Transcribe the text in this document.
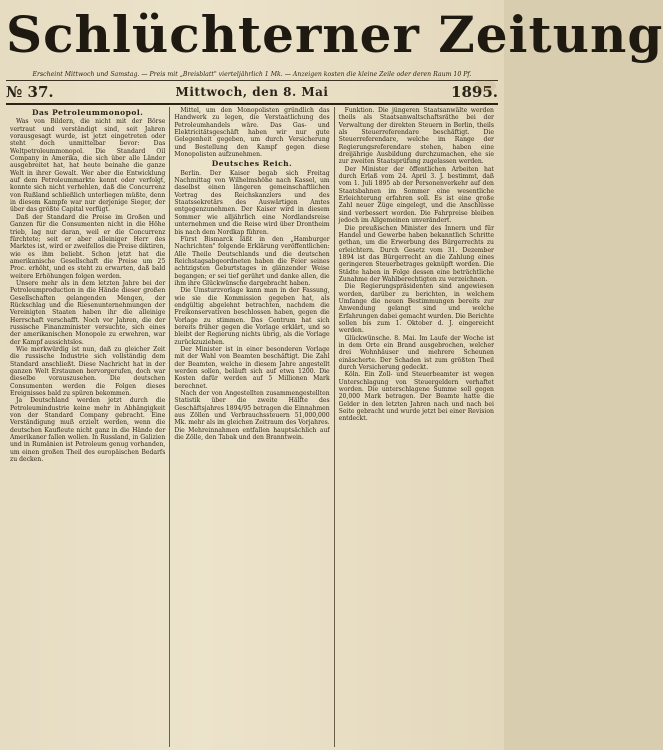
Schlüchterner Zeitung
Erscheint Mittwoch und Samstag. — Preis mit „Breisblatt" vierteljährlich 1 Mk. — Anzeigen kosten die kleine Zeile oder deren Raum 10 Pf.
№ 37.	Mittwoch, den 8. Mai	1895.
Das Petroleummonopol.

Was von Bildern, die nicht mit der Börse vertraut und verständigt sind, seit Jahren vorausgesagt wurde, ist jetzt eingetreten oder steht doch unmittelbar bevor: Das Weltpetroleummonopol. Die Standard Oil Company in Amerika, die sich über alle Länder ausgebreitet hat, hat heute beinahe die ganze Welt in ihrer Gewalt. Wer aber die Entwicklung auf dem Petroleummarkte kennt oder verfolgt, konnte sich nicht verhehlen, daß die Concurrenz von Rußland schließlich unterliegen müßte, denn in diesem Kampfe war nur derjenige Sieger, der über das größte Capital verfügt.

Daß der Standard die Preise im Großen und Ganzen für die Consumenten nicht in die Höhe trieb, lag nur daran, weil er die Concurrenz fürchtete; seit er aber alleiniger Herr des Marktes ist, wird er zweifellos die Preise diktiren, wie es ihm beliebt. Schon jetzt hat die amerikanische Gesellschaft die Preise um 25 Proc. erhöht, und es steht zu erwarten, daß bald weitere Erhöhungen folgen werden.

Unsere mehr als in dem letzten Jahre bei der Petroleumproduction in die Hände dieser großen Gesellschaften gelangenden Mengen, der Rückschlag und die Riesenunternehmungen der Vereinigten Staaten haben ihr die alleinige Herrschaft verschafft. Noch vor Jahren, die der russische Finanzminister versuchte, sich eines der amerikanischen Monopole zu erwehren, war der Kampf aussichtslos.

Wie merkwürdig ist nun, daß zu gleicher Zeit die russische Industrie sich vollständig dem Standard anschließt. Diese Nachricht hat in der ganzen Welt Erstaunen hervorgerufen, doch war dieselbe vorauszusehen. Die deutschen Consumenten werden die Folgen dieses Ereignisses bald zu spüren bekommen.

Ja Deutschland werden jetzt durch die Petroleumindustrie keine mehr in Abhängigkeit von der Standard Company gebracht. Eine Verständigung muß erzielt werden, wenn die deutschen Kaufleute nicht ganz in die Hände der Amerikaner fallen wollen. In Russland, in Galizien und in Rumänien ist Petroleum genug vorhanden, um einen großen Theil des europäischen Bedarfs zu decken.

Mittel, um den Monopolisten gründlich das Handwerk zu legen, die Verstaatlichung des Petroleumhandels wäre. Das Gas- und Elektricitätsgeschäft haben wir nur gute Gelegenheit gegeben, um durch Versicherung und Bestellung den Kampf gegen diese Monopolisten aufzunehmen.

Deutsches Reich.

Berlin. Der Kaiser begab sich Freitag Nachmittag von Wilhelmshöhe nach Kassel, um daselbst einen längeren gemeinschaftlichen Vortrag des Reichskanzlers und des Staatssekretärs des Auswärtigen Amtes entgegenzunehmen. Der Kaiser wird in diesem Sommer wie alljährlich eine Nordlandsreise unternehmen und die Reise wird über Drontheim bis nach dem Nordkap führen.

Fürst Bismarck läßt in den „Hamburger Nachrichten" folgende Erklärung veröffentlichen: Alle Theile Deutschlands und die deutschen Reichstagsabgeordneten haben die Feier seines achtzigsten Geburtstages in glänzender Weise begangen; er sei tief gerührt und danke allen, die ihm ihre Glückwünsche dargebracht haben.

Die Umsturzvorlage kann man in der Fassung, wie sie die Kommission gegeben hat, als endgültig abgelehnt betrachten, nachdem die Freikonservativen beschlossen haben, gegen die Vorlage zu stimmen. Das Centrum hat sich bereits früher gegen die Vorlage erklärt, und so bleibt der Regierung nichts übrig, als die Vorlage zurückzuziehen.

Der Minister ist in einer besonderen Vorlage mit der Wahl von Beamten beschäftigt. Die Zahl der Beamten, welche in diesem Jahre angestellt werden sollen, beläuft sich auf etwa 1200. Die Kosten dafür werden auf 5 Millionen Mark berechnet.

Nach der von Angestellten zusammengestellten Statistik über die zweite Hälfte des Geschäftsjahres 1894/95 betragen die Einnahmen aus Zöllen und Verbrauchssteuern 51,000,000 Mk. mehr als im gleichen Zeitraum des Vorjahres. Die Mehreinnahmen entfallen hauptsächlich auf die Zölle, den Tabak und den Branntwein.

Funktion. Die jüngeren Staatsanwälte werden theils als Staatsanwaltschaftsräthe bei der Verwaltung der direkten Steuern in Berlin, theils als Steuerreferendare beschäftigt. Die Steuerreferendare, welche im Range der Regierungsreferendare stehen, haben eine dreijährige Ausbildung durchzumachen, ehe sie zur zweiten Staatsprüfung zugelassen werden.

Der Minister der öffentlichen Arbeiten hat durch Erlaß vom 24. April 3. J. bestimmt, daß vom 1. Juli 1895 ab der Personenverkehr auf den Staatsbahnen im Sommer eine wesentliche Erleichterung erfahren soll. Es ist eine große Zahl neuer Züge eingelegt, und die Anschlüsse sind verbessert worden. Die Fahrpreise bleiben jedoch im Allgemeinen unverändert.

Die preußischen Minister des Innern und für Handel und Gewerbe haben bekanntlich Schritte gethan, um die Erwerbung des Bürgerrechts zu erleichtern. Durch Gesetz vom 31. Dezember 1894 ist das Bürgerrecht an die Zahlung eines geringeren Steuerbetrages geknüpft worden. Die Städte haben in Folge dessen eine beträchtliche Zunahme der Wahlberechtigten zu verzeichnen.

Die Regierungspräsidenten sind angewiesen worden, darüber zu berichten, in welchem Umfange die neuen Bestimmungen bereits zur Anwendung gelangt sind und welche Erfahrungen dabei gemacht wurden. Die Berichte sollen bis zum 1. Oktober d. J. eingereicht werden.

Glückwünsche. 8. Mai. Im Laufe der Woche ist in dem Orte ein Brand ausgebrochen, welcher drei Wohnhäuser und mehrere Scheunen einäscherte. Der Schaden ist zum größten Theil durch Versicherung gedeckt.

Köln. Ein Zoll- und Steuerbeamter ist wegen Unterschlagung von Steuergeldern verhaftet worden. Die unterschlagene Summe soll gegen 20,000 Mark betragen. Der Beamte hatte die Gelder in den letzten Jahren nach und nach bei Seite gebracht und wurde jetzt bei einer Revision entdeckt.
